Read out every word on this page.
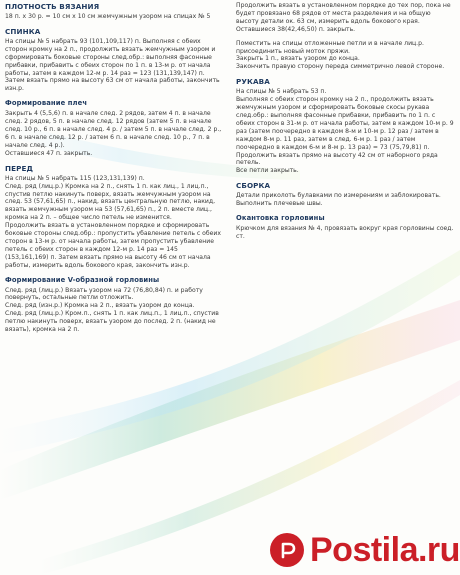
ПЛОТНОСТЬ ВЯЗАНИЯ

18 п. х 30 р. = 10 см х 10 см жемчужным узором на спицах № 5

СПИНКА

На спицы № 5 набрать 93 (101,109,117) п. Выполняя с обеих сторон кромку на 2 п., продолжить вязать жемчужным узором и сформировать боковые стороны след.обр.: выполняя фасонные прибавки, прибавить с обеих сторон по 1 п. в 13-м р. от начала работы, затем в каждом 12-м р. 14 раз = 123 (131,139,147) п.

Затем вязать прямо на высоту 63 см от начала работы, закончить изн.р.

Формирование плеч

Закрыть 4 (5,5,6) п. в начале след. 2 рядов, затем 4 п. в начале след. 2 рядов, 5 п. в начале след. 12 рядов (затем 5 п. в начале след. 10 р., 6 п. в начале след. 4 р. / затем 5 п. в начале след. 2 р., 6 п. в начале след. 12 р. / затем 6 п. в начале след. 10 р., 7 п. в начале след. 4 р.).

Оставшиеся 47 п. закрыть.

ПЕРЕД

На спицы № 5 набрать 115 (123,131,139) п.

След. ряд (лиц.р.) Кромка на 2 п., снять 1 п. как лиц., 1 лиц.п., спустив петлю накинуть поверх, вязать жемчужным узором на след. 53 (57,61,65) п., накид, вязать центральную петлю, накид, вязать жемчужным узором на 53 (57,61,65) п., 2 п. вместе лиц., кромка на 2 п. – общее число петель не изменится.

Продолжить вязать в установленном порядке и сформировать боковые стороны след.обр.: пропустить убавление петель с обеих сторон в 13-м р. от начала работы, затем пропустить убавление петель с обеих сторон в каждом 12-м р. 14 раз = 145 (153,161,169) п. Затем вязать прямо на высоту 46 см от начала работы, измерить вдоль бокового края, закончить изн.р.

Формирование V-образной горловины

След. ряд (лиц.р.) Вязать узором на 72 (76,80,84) п. и работу повернуть, остальные петли отложить.

След. ряд (изн.р.) Кромка на 2 п., вязать узором до конца.

След. ряд (лиц.р.) Кром.п., снять 1 п. как лиц.п., 1 лиц.п., спустив петлю накинуть поверх, вязать узором до послед. 2 п. (накид не вязать), кромка на 2 п.

Продолжить вязать в установленном порядке до тех пор, пока не будет провязано 68 рядов от места разделения и на общую высоту детали ок. 63 см, измерить вдоль бокового края.

Оставшиеся 38(42,46,50) п. закрыть.

Поместить на спицы отложенные петли и в начале лиц.р. присоединить новый моток пряжи.

Закрыть 1 п., вязать узором до конца.

Закончить правую сторону переда симметрично левой стороне.

РУКАВА

На спицы № 5 набрать 53 п.

Выполняя с обеих сторон кромку на 2 п., продолжить вязать жемчужным узором и сформировать боковые скосы рукава след.обр.: выполняя фасонные прибавки, прибавить по 1 п. с обеих сторон в 31-м р. от начала работы, затем в каждом 10-м р. 9 раз (затем поочередно в каждом 8-м и 10-м р. 12 раз / затем в каждом 8-м р. 11 раз, затем в след. 6-м р. 1 раз / затем поочередно в каждом 6-м и 8-м р. 13 раз) = 73 (75,79,81) п.

Продолжить вязать прямо на высоту 42 см от наборного ряда петель.

Все петли закрыть.

СБОРКА

Детали приколоть булавками по измерениям и заблокировать.

Выполнить плечевые швы.

Окантовка горловины

Крючком для вязания № 4, провязать вокруг края горловины соед. ст.

Postila.ru
